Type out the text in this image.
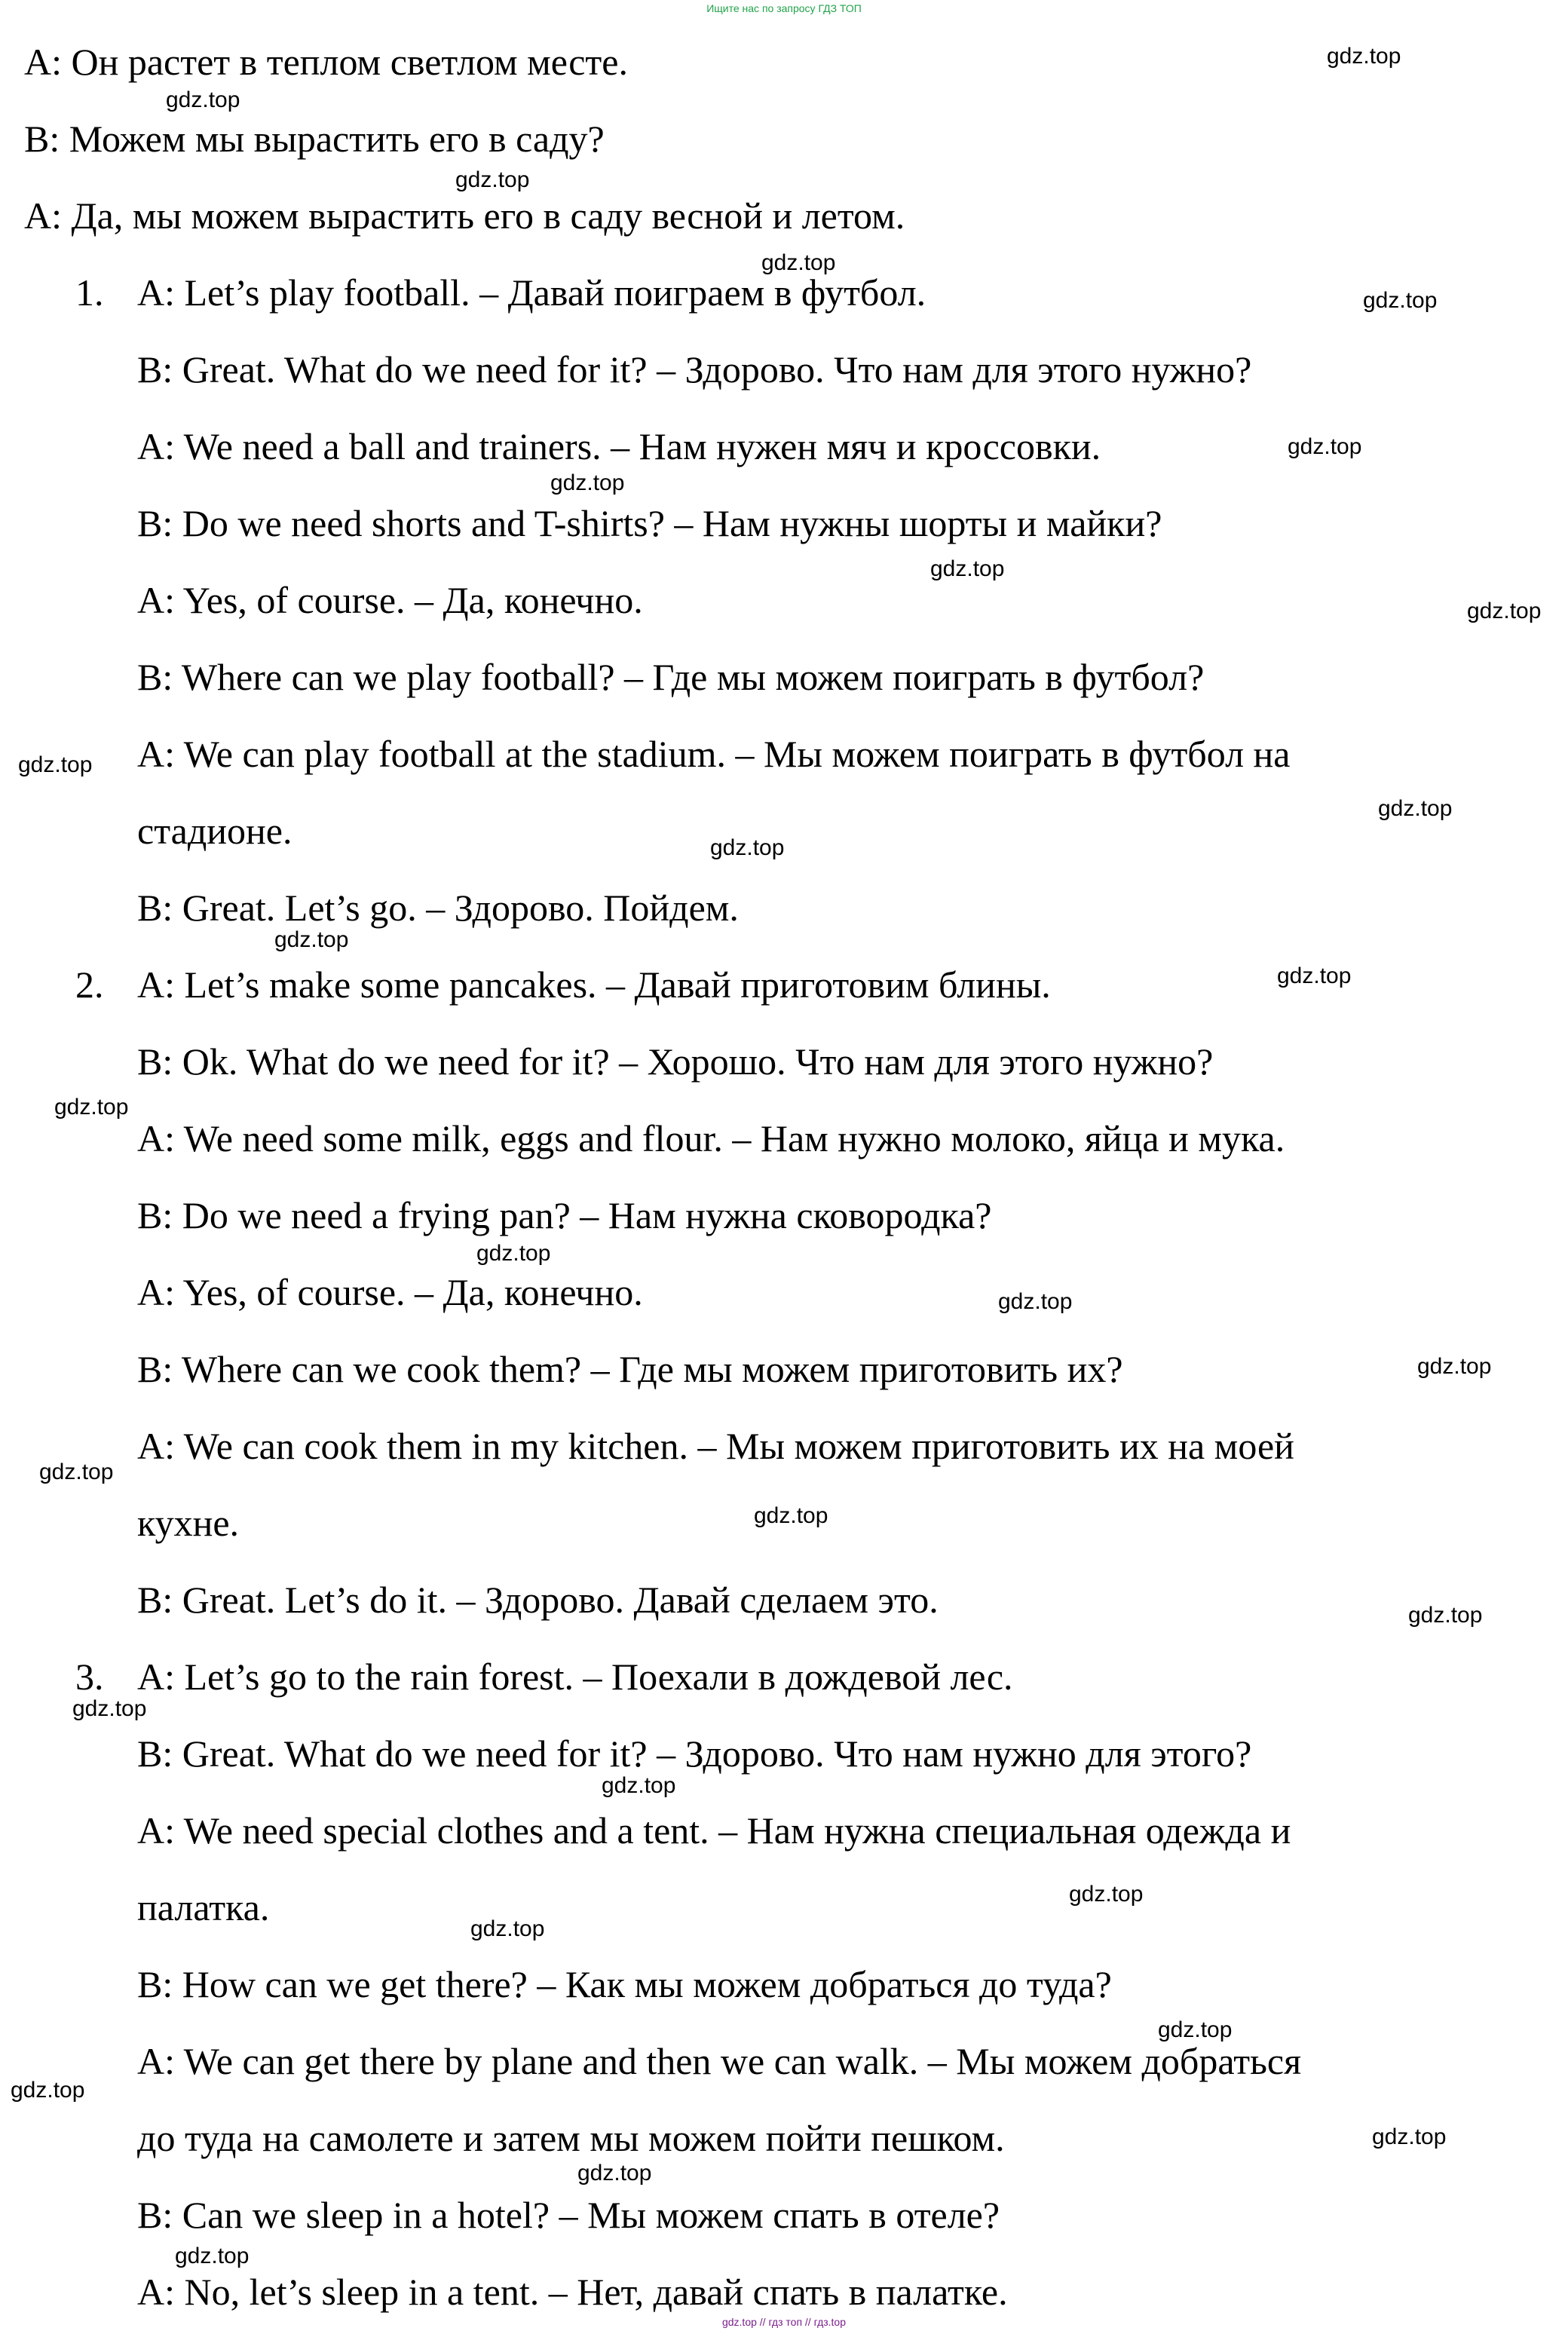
Ищите нас по запросу ГДЗ ТОП
А: Он растет в теплом светлом месте.
В: Можем мы вырастить его в саду?
А: Да, мы можем вырастить его в саду весной и летом.
1. A: Let’s play football. – Давай поиграем в футбол.
B: Great. What do we need for it? – Здорово. Что нам для этого нужно?
A: We need a ball and trainers. – Нам нужен мяч и кроссовки.
B: Do we need shorts and T-shirts? – Нам нужны шорты и майки?
A: Yes, of course. – Да, конечно.
B: Where can we play football? – Где мы можем поиграть в футбол?
A: We can play football at the stadium. – Мы можем поиграть в футбол на
стадионе.
B: Great. Let’s go. – Здорово. Пойдем.
2. A: Let’s make some pancakes. – Давай приготовим блины.
B: Ok. What do we need for it? – Хорошо. Что нам для этого нужно?
A: We need some milk, eggs and flour. – Нам нужно молоко, яйца и мука.
B: Do we need a frying pan? – Нам нужна сковородка?
A: Yes, of course. – Да, конечно.
B: Where can we cook them? – Где мы можем приготовить их?
A: We can cook them in my kitchen. – Мы можем приготовить их на моей
кухне.
B: Great. Let’s do it. – Здорово. Давай сделаем это.
3. A: Let’s go to the rain forest. – Поехали в дождевой лес.
B: Great. What do we need for it? – Здорово. Что нам нужно для этого?
A: We need special clothes and a tent. – Нам нужна специальная одежда и
палатка.
B: How can we get there? – Как мы можем добраться до туда?
A: We can get there by plane and then we can walk. – Мы можем добраться
до туда на самолете и затем мы можем пойти пешком.
B: Can we sleep in a hotel? – Мы можем спать в отеле?
A: No, let’s sleep in a tent. – Нет, давай спать в палатке.
gdz.top
gdz.top
gdz.top
gdz.top
gdz.top
gdz.top
gdz.top
gdz.top
gdz.top
gdz.top
gdz.top
gdz.top
gdz.top
gdz.top
gdz.top
gdz.top
gdz.top
gdz.top
gdz.top
gdz.top
gdz.top
gdz.top
gdz.top
gdz.top
gdz.top
gdz.top
gdz.top
gdz.top
gdz.top
gdz.top
gdz.top // гдз топ // гдз.top
